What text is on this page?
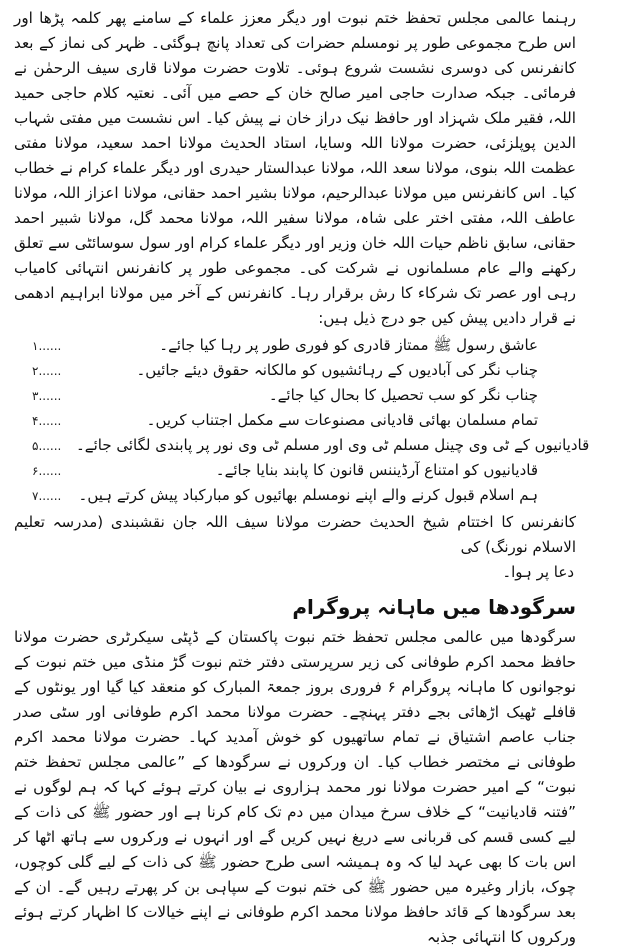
رہنما عالمی مجلس تحفظ ختم نبوت اور دیگر معزز علماء کے سامنے پھر کلمہ پڑھا اور اس طرح مجموعی طور پر نومسلم حضرات کی تعداد پانچ ہوگئی۔ ظہر کی نماز کے بعد کانفرنس کی دوسری نشست شروع ہوئی۔ تلاوت حضرت مولانا قاری سیف الرحمٰن نے فرمائی۔ جبکہ صدارت حاجی امیر صالح خان کے حصے میں آئی۔ نعتیہ کلام حاجی حمید اللہ، فقیر ملک شہزاد اور حافظ نیک دراز خان نے پیش کیا۔ اس نشست میں مفتی شہاب الدین پوپلزئی، حضرت مولانا اللہ وسایا، استاد الحدیث مولانا احمد سعید، مولانا مفتی عظمت اللہ بنوی، مولانا سعد اللہ، مولانا عبدالستار حیدری اور دیگر علماء کرام نے خطاب کیا۔ اس کانفرنس میں مولانا عبدالرحیم، مولانا بشیر احمد حقانی، مولانا اعزاز اللہ، مولانا عاطف اللہ، مفتی اختر علی شاہ، مولانا سفیر اللہ، مولانا محمد گل، مولانا شبیر احمد حقانی، سابق ناظم حیات اللہ خان وزیر اور دیگر علماء کرام اور سول سوسائٹی سے تعلق رکھنے والے عام مسلمانوں نے شرکت کی۔ مجموعی طور پر کانفرنس انتہائی کامیاب رہی اور عصر تک شرکاء کا رش برقرار رہا۔ کانفرنس کے آخر میں مولانا ابراہیم ادھمی نے قرار دادیں پیش کیں جو درج ذیل ہیں:

۱......	عاشق رسول ﷺ ممتاز قادری کو فوری طور پر رہا کیا جائے۔
۲......	چناب نگر کی آبادیوں کے رہائشیوں کو مالکانہ حقوق دیئے جائیں۔
۳......	چناب نگر کو سب تحصیل کا بحال کیا جائے۔
۴......	تمام مسلمان بھائی قادیانی مصنوعات سے مکمل اجتناب کریں۔
۵...... قادیانیوں کے ٹی وی چینل مسلم ٹی وی اور مسلم ٹی وی نور پر پابندی لگائی جائے۔
۶......	قادیانیوں کو امتناع آرڈیننس قانون کا پابند بنایا جائے۔
۷......	ہم اسلام قبول کرنے والے اپنے نومسلم بھائیوں کو مبارکباد پیش کرتے ہیں۔

کانفرنس کا اختتام شیخ الحدیث حضرت مولانا سیف اللہ جان نقشبندی (مدرسہ تعلیم الاسلام نورنگ) کی

دعا پر ہوا۔

سرگودھا میں ماہانہ پروگرام

سرگودھا میں عالمی مجلس تحفظ ختم نبوت پاکستان کے ڈپٹی سیکرٹری حضرت مولانا حافظ محمد اکرم طوفانی کی زیر سرپرستی دفتر ختم نبوت گڑ منڈی میں ختم نبوت کے نوجوانوں کا ماہانہ پروگرام ۶ فروری بروز جمعۃ المبارک کو منعقد کیا گیا اور یونٹوں کے قافلے ٹھیک اڑھائی بجے دفتر پہنچے۔ حضرت مولانا محمد اکرم طوفانی اور سٹی صدر جناب عاصم اشتیاق نے تمام ساتھیوں کو خوش آمدید کہا۔ حضرت مولانا محمد اکرم طوفانی نے مختصر خطاب کیا۔ ان ورکروں نے سرگودھا کے ”عالمی مجلس تحفظ ختم نبوت“ کے امیر حضرت مولانا نور محمد ہزاروی نے بیان کرتے ہوئے کہا کہ ہم لوگوں نے ”فتنہ قادیانیت“ کے خلاف سرخ میدان میں دم تک کام کرنا ہے اور حضور ﷺ کی ذات کے لیے کسی قسم کی قربانی سے دریغ نہیں کریں گے اور انہوں نے ورکروں سے ہاتھ اٹھا کر اس بات کا بھی عہد لیا کہ وہ ہمیشہ اسی طرح حضور ﷺ کی ذات کے لیے گلی کوچوں، چوک، بازار وغیرہ میں حضور ﷺ کی ختم نبوت کے سپاہی بن کر پھرتے رہیں گے۔ ان کے بعد سرگودھا کے قائد حافظ مولانا محمد اکرم طوفانی نے اپنے خیالات کا اظہار کرتے ہوئے ورکروں کا انتہائی جذبہ
